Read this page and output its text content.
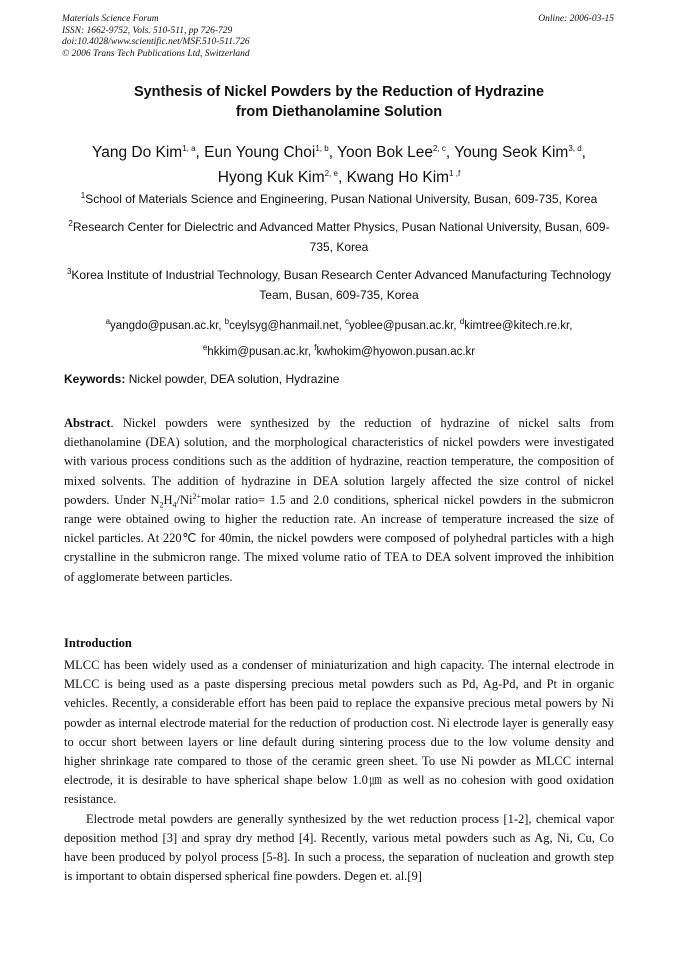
Materials Science Forum
ISSN: 1662-9752, Vols. 510-511, pp 726-729
doi:10.4028/www.scientific.net/MSF.510-511.726
© 2006 Trans Tech Publications Ltd, Switzerland
Online: 2006-03-15
Synthesis of Nickel Powders by the Reduction of Hydrazine
from Diethanolamine Solution
Yang Do Kim$^{1, a}$, Eun Young Choi$^{1, b}$, Yoon Bok Lee$^{2, c}$, Young Seok Kim$^{3, d}$,
Hyong Kuk Kim$^{2, e}$, Kwang Ho Kim$^{1 ,f}$
$^1$School of Materials Science and Engineering, Pusan National University, Busan, 609-735, Korea
$^2$Research Center for Dielectric and Advanced Matter Physics, Pusan National University, Busan, 609-735, Korea
$^3$Korea Institute of Industrial Technology, Busan Research Center Advanced Manufacturing Technology Team, Busan, 609-735, Korea
$^a$yangdo@pusan.ac.kr, $^b$ceylsyg@hanmail.net, $^c$yoblee@pusan.ac.kr, $^d$kimtree@kitech.re.kr,
$^e$hkkim@pusan.ac.kr, $^f$kwhokim@hyowon.pusan.ac.kr
Keywords: Nickel powder, DEA solution, Hydrazine
Abstract. Nickel powders were synthesized by the reduction of hydrazine of nickel salts from diethanolamine (DEA) solution, and the morphological characteristics of nickel powders were investigated with various process conditions such as the addition of hydrazine, reaction temperature, the composition of mixed solvents. The addition of hydrazine in DEA solution largely affected the size control of nickel powders. Under $N_2H_4/Ni^{2+}molar$ ratio= 1.5 and 2.0 conditions, spherical nickel powders in the submicron range were obtained owing to higher the reduction rate. An increase of temperature increased the size of nickel particles. At 220℃ for 40min, the nickel powders were composed of polyhedral particles with a high crystalline in the submicron range. The mixed volume ratio of TEA to DEA solvent improved the inhibition of agglomerate between particles.
Introduction

MLCC has been widely used as a condenser of miniaturization and high capacity. The internal electrode in MLCC is being used as a paste dispersing precious metal powders such as Pd, Ag-Pd, and Pt in organic vehicles. Recently, a considerable effort has been paid to replace the expansive precious metal powers by Ni powder as internal electrode material for the reduction of production cost. Ni electrode layer is generally easy to occur short between layers or line default during sintering process due to the low volume density and higher shrinkage rate compared to those of the ceramic green sheet. To use Ni powder as MLCC internal electrode, it is desirable to have spherical shape below 1.0㎛ as well as no cohesion with good oxidation resistance.

Electrode metal powders are generally synthesized by the wet reduction process [1-2], chemical vapor deposition method [3] and spray dry method [4]. Recently, various metal powders such as Ag, Ni, Cu, Co have been produced by polyol process [5-8]. In such a process, the separation of nucleation and growth step is important to obtain dispersed spherical fine powders. Degen et. al.[9]
